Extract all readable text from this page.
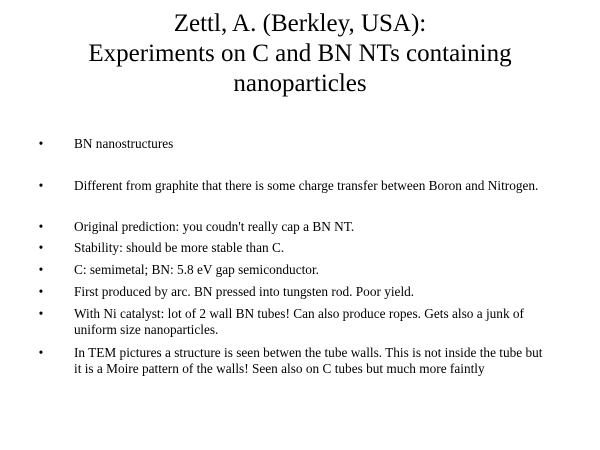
Zettl, A. (Berkley, USA):
Experiments on C and BN NTs containing
nanoparticles
• BN nanostructures
• Different from graphite that there is some charge transfer between Boron and Nitrogen.
• Original prediction: you coudn't really cap a BN NT.
• Stability: should be more stable than C.
• C: semimetal; BN: 5.8 eV gap semiconductor.
• First produced by arc. BN pressed into tungsten rod. Poor yield.
• With Ni catalyst: lot of 2 wall BN tubes! Can also produce ropes. Gets also a junk of uniform size nanoparticles.
• In TEM pictures a structure is seen betwen the tube walls. This is not inside the tube but it is a Moire pattern of the walls! Seen also on C tubes but much more faintly
